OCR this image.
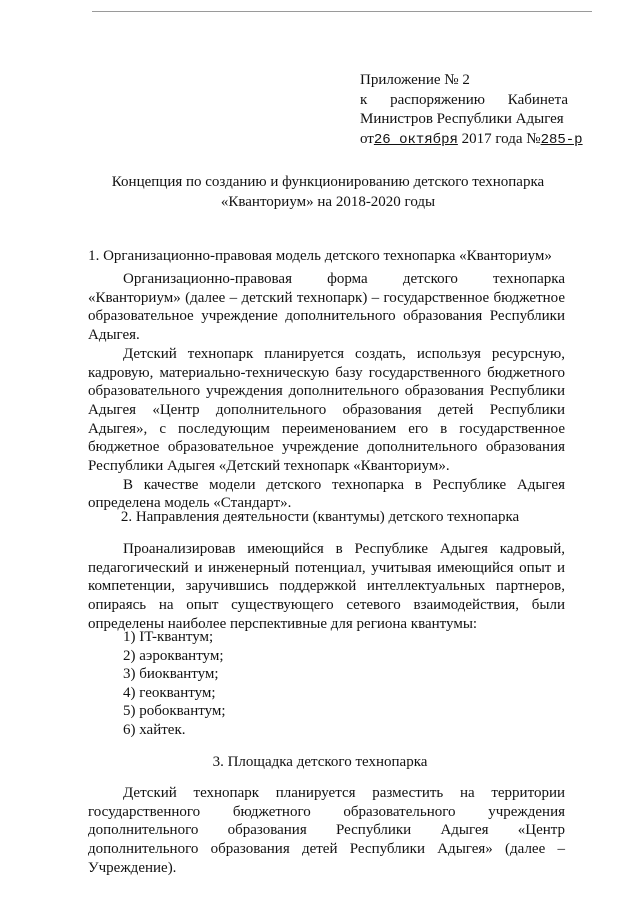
Приложение № 2
к распоряжению Кабинета
Министров Республики Адыгея
от26 октября 2017 года №285-р
Концепция по созданию и функционированию детского технопарка
«Кванториум» на 2018-2020 годы
1. Организационно-правовая модель детского технопарка «Кванториум»

Организационно-правовая форма детского технопарка «Кванториум» (далее – детский технопарк) – государственное бюджетное образовательное учреждение дополнительного образования Республики Адыгея.

Детский технопарк планируется создать, используя ресурсную, кадровую, материально-техническую базу государственного бюджетного образовательного учреждения дополнительного образования Республики Адыгея «Центр дополнительного образования детей Республики Адыгея», с последующим переименованием его в государственное бюджетное образовательное учреждение дополнительного образования Республики Адыгея «Детский технопарк «Кванториум».

В качестве модели детского технопарка в Республике Адыгея определена модель «Стандарт».

2. Направления деятельности (квантумы) детского технопарка

Проанализировав имеющийся в Республике Адыгея кадровый, педагогический и инженерный потенциал, учитывая имеющийся опыт и компетенции, заручившись поддержкой интеллектуальных партнеров, опираясь на опыт существующего сетевого взаимодействия, были определены наиболее перспективные для региона квантумы:

1) IT-квантум;
2) аэроквантум;
3) биоквантум;
4) геоквантум;
5) робоквантум;
6) хайтек.
3. Площадка детского технопарка

Детский технопарк планируется разместить на территории государственного бюджетного образовательного учреждения дополнительного образования Республики Адыгея «Центр дополнительного образования детей Республики Адыгея» (далее – Учреждение).
